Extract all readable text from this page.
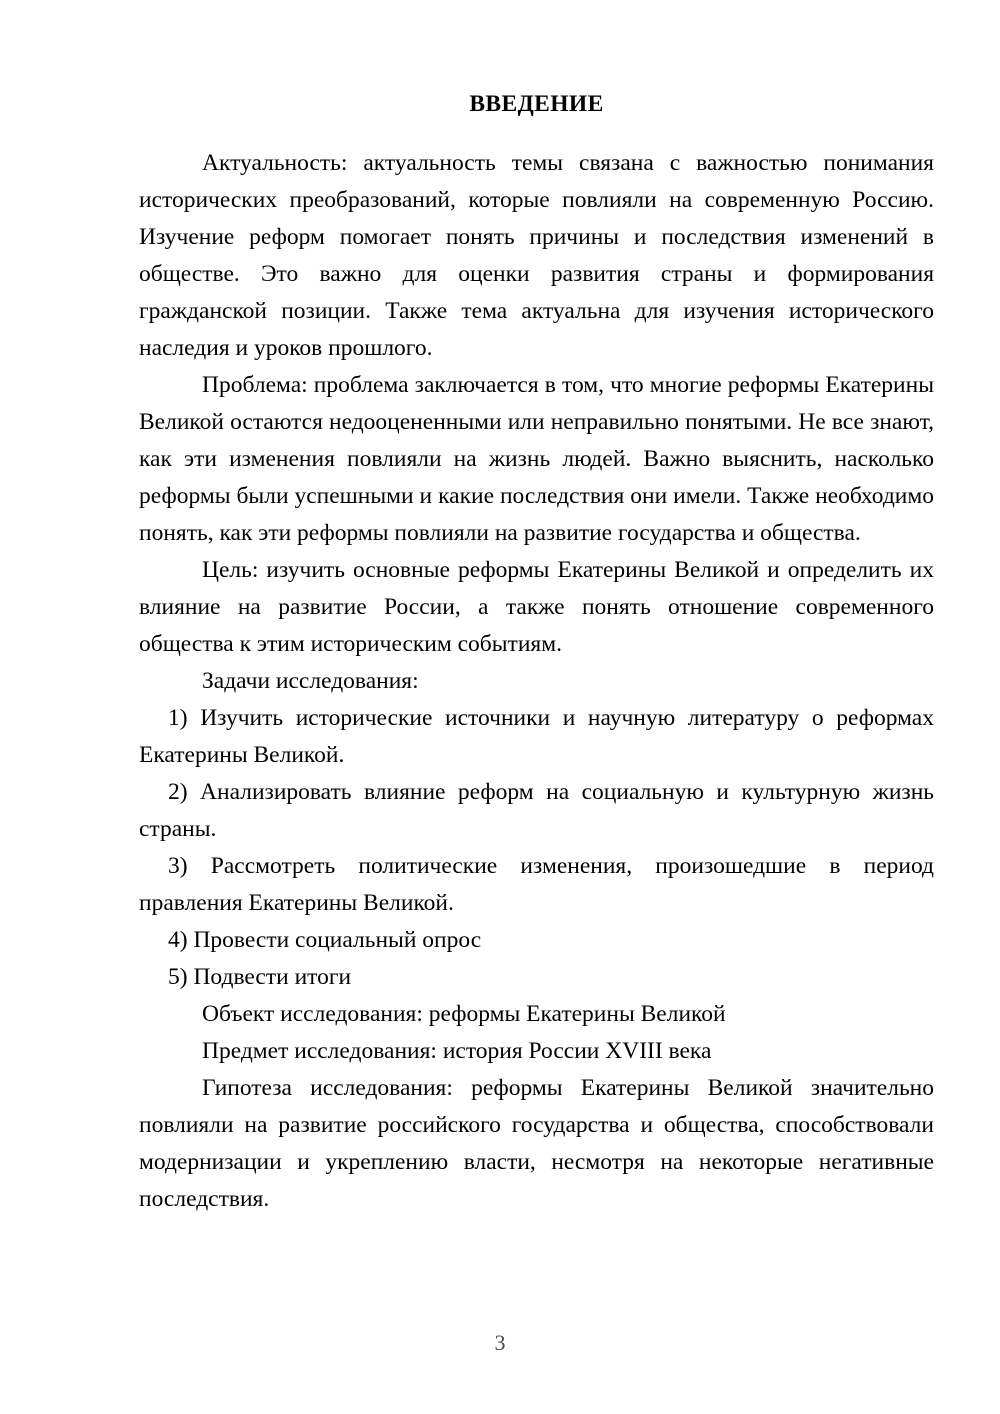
ВВЕДЕНИЕ

Актуальность: актуальность темы связана с важностью понимания исторических преобразований, которые повлияли на современную Россию. Изучение реформ помогает понять причины и последствия изменений в обществе. Это важно для оценки развития страны и формирования гражданской позиции. Также тема актуальна для изучения исторического наследия и уроков прошлого.

Проблема: проблема заключается в том, что многие реформы Екатерины Великой остаются недооцененными или неправильно понятыми. Не все знают, как эти изменения повлияли на жизнь людей. Важно выяснить, насколько реформы были успешными и какие последствия они имели. Также необходимо понять, как эти реформы повлияли на развитие государства и общества.

Цель: изучить основные реформы Екатерины Великой и определить их влияние на развитие России, а также понять отношение современного общества к этим историческим событиям.

Задачи исследования:

1) Изучить исторические источники и научную литературу о реформах Екатерины Великой.

2) Анализировать влияние реформ на социальную и культурную жизнь страны.

3) Рассмотреть политические изменения, произошедшие в период правления Екатерины Великой.

4) Провести социальный опрос

5) Подвести итоги

Объект исследования: реформы Екатерины Великой

Предмет исследования: история России XVIII века

Гипотеза исследования: реформы Екатерины Великой значительно повлияли на развитие российского государства и общества, способствовали модернизации и укреплению власти, несмотря на некоторые негативные последствия.

3
